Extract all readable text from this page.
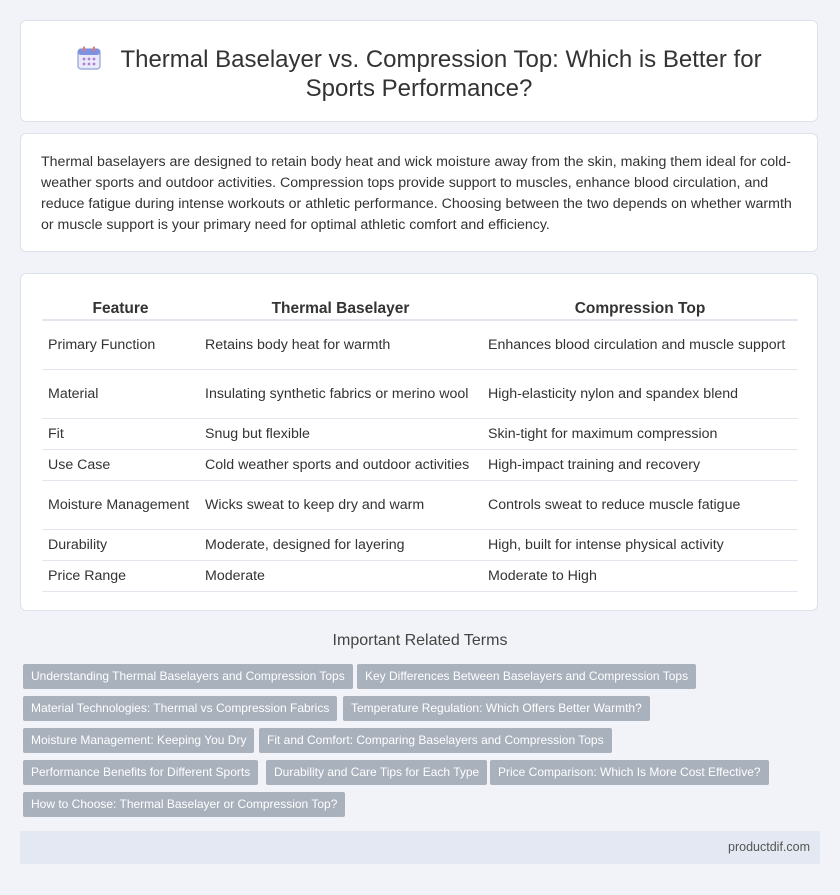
Thermal Baselayer vs. Compression Top: Which is Better for
Sports Performance?
Thermal baselayers are designed to retain body heat and wick moisture away from the skin, making them ideal for cold-weather sports and outdoor activities. Compression tops provide support to muscles, enhance blood circulation, and reduce fatigue during intense workouts or athletic performance. Choosing between the two depends on whether warmth or muscle support is your primary need for optimal athletic comfort and efficiency.
Feature	Thermal Baselayer	Compression Top
Primary Function	Retains body heat for warmth	Enhances blood circulation and muscle support
Material	Insulating synthetic fabrics or merino wool	High-elasticity nylon and spandex blend
Fit	Snug but flexible	Skin-tight for maximum compression
Use Case	Cold weather sports and outdoor activities	High-impact training and recovery
Moisture Management	Wicks sweat to keep dry and warm	Controls sweat to reduce muscle fatigue
Durability	Moderate, designed for layering	High, built for intense physical activity
Price Range	Moderate	Moderate to High
Important Related Terms
Understanding Thermal Baselayers and Compression Tops	Key Differences Between Baselayers and Compression Tops
Material Technologies: Thermal vs Compression Fabrics	Temperature Regulation: Which Offers Better Warmth?
Moisture Management: Keeping You Dry	Fit and Comfort: Comparing Baselayers and Compression Tops
Performance Benefits for Different Sports	Durability and Care Tips for Each Type	Price Comparison: Which Is More Cost Effective?
How to Choose: Thermal Baselayer or Compression Top?
productdif.com
